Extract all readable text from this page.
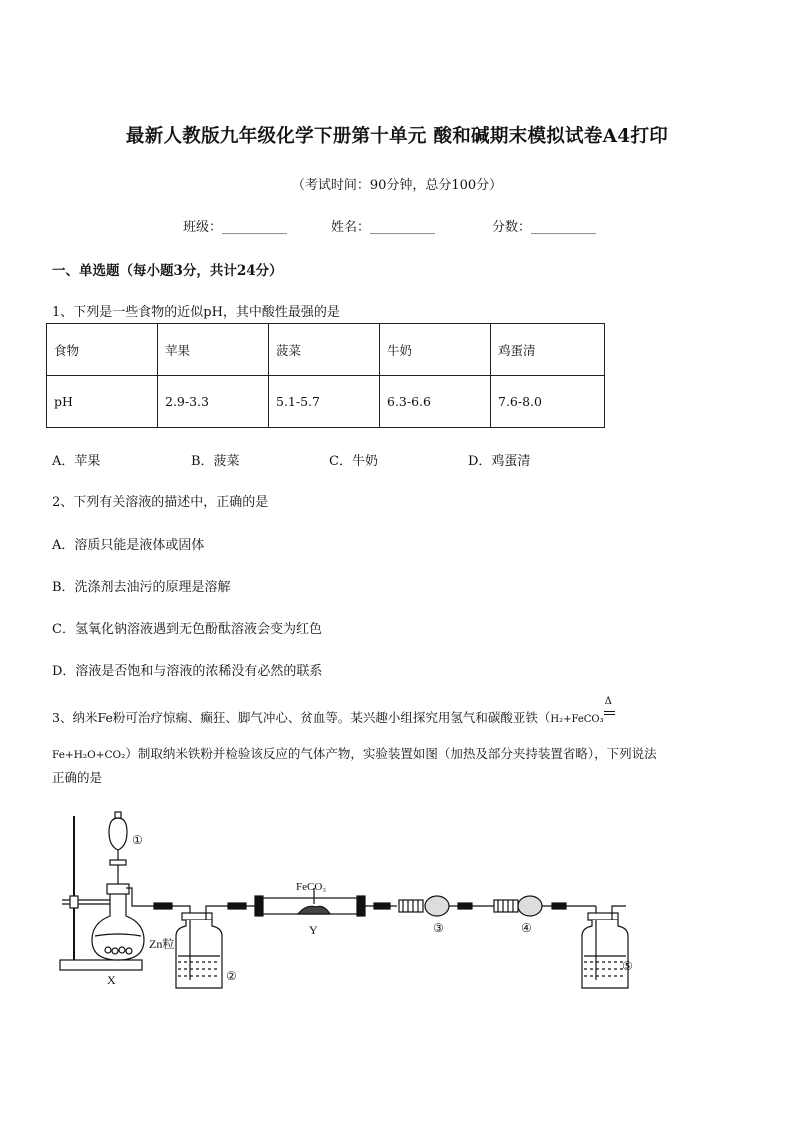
最新人教版九年级化学下册第十单元 酸和碱期末模拟试卷A4打印
（考试时间：90分钟，总分100分）
班级：__________	姓名：__________	分数：__________
一、单选题（每小题3分，共计24分）
1、下列是一些食物的近似pH，其中酸性最强的是
食物	苹果	菠菜	牛奶	鸡蛋清
pH	2.9-3.3	5.1-5.7	6.3-6.6	7.6-8.0
A．苹果	B．菠菜	C．牛奶	D．鸡蛋清
2、下列有关溶液的描述中，正确的是
A．溶质只能是液体或固体
B．洗涤剂去油污的原理是溶解
C．氢氧化钠溶液遇到无色酚酞溶液会变为红色
D．溶液是否饱和与溶液的浓稀没有必然的联系
3、纳米Fe粉可治疗惊痫、癫狂、脚气冲心、贫血等。某兴趣小组探究用氢气和碳酸亚铁（H₂+FeCO₃
Δ
Fe+H₂O+CO₂）制取纳米铁粉并检验该反应的气体产物，实验装置如图（加热及部分夹持装置省略），下列说法
正确的是
①
Zn粒
X	②
FeCO₃
Y	③	④
⑤
